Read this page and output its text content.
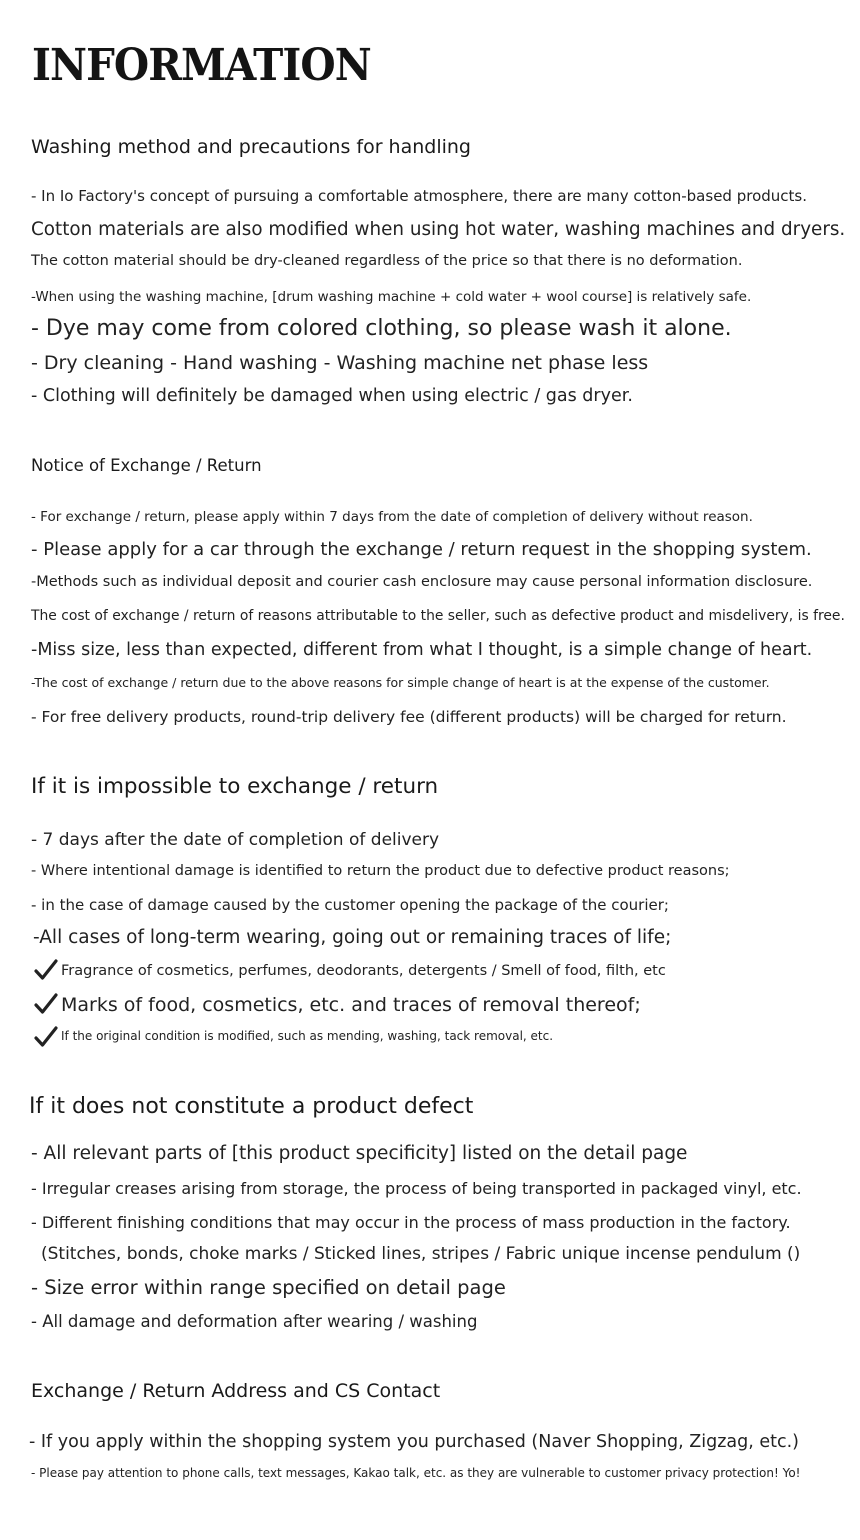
INFORMATION

Washing method and precautions for handling

- In Io Factory's concept of pursuing a comfortable atmosphere, there are many cotton-based products.

Cotton materials are also modified when using hot water, washing machines and dryers.

The cotton material should be dry-cleaned regardless of the price so that there is no deformation.

-When using the washing machine, [drum washing machine + cold water + wool course] is relatively safe.

- Dye may come from colored clothing, so please wash it alone.

- Dry cleaning - Hand washing - Washing machine net phase less

- Clothing will definitely be damaged when using electric / gas dryer.

Notice of Exchange / Return

- For exchange / return, please apply within 7 days from the date of completion of delivery without reason.

- Please apply for a car through the exchange / return request in the shopping system.

-Methods such as individual deposit and courier cash enclosure may cause personal information disclosure.

The cost of exchange / return of reasons attributable to the seller, such as defective product and misdelivery, is free.

-Miss size, less than expected, different from what I thought, is a simple change of heart.

-The cost of exchange / return due to the above reasons for simple change of heart is at the expense of the customer.

- For free delivery products, round-trip delivery fee (different products) will be charged for return.

If it is impossible to exchange / return

- 7 days after the date of completion of delivery

- Where intentional damage is identified to return the product due to defective product reasons;

- in the case of damage caused by the customer opening the package of the courier;

-All cases of long-term wearing, going out or remaining traces of life;

Fragrance of cosmetics, perfumes, deodorants, detergents / Smell of food, filth, etc

Marks of food, cosmetics, etc. and traces of removal thereof;

If the original condition is modified, such as mending, washing, tack removal, etc.

If it does not constitute a product defect

- All relevant parts of [this product specificity] listed on the detail page

- Irregular creases arising from storage, the process of being transported in packaged vinyl, etc.

- Different finishing conditions that may occur in the process of mass production in the factory.

(Stitches, bonds, choke marks / Sticked lines, stripes / Fabric unique incense pendulum ()

- Size error within range specified on detail page

- All damage and deformation after wearing / washing

Exchange / Return Address and CS Contact

- If you apply within the shopping system you purchased (Naver Shopping, Zigzag, etc.)

- Please pay attention to phone calls, text messages, Kakao talk, etc. as they are vulnerable to customer privacy protection! Yo!
